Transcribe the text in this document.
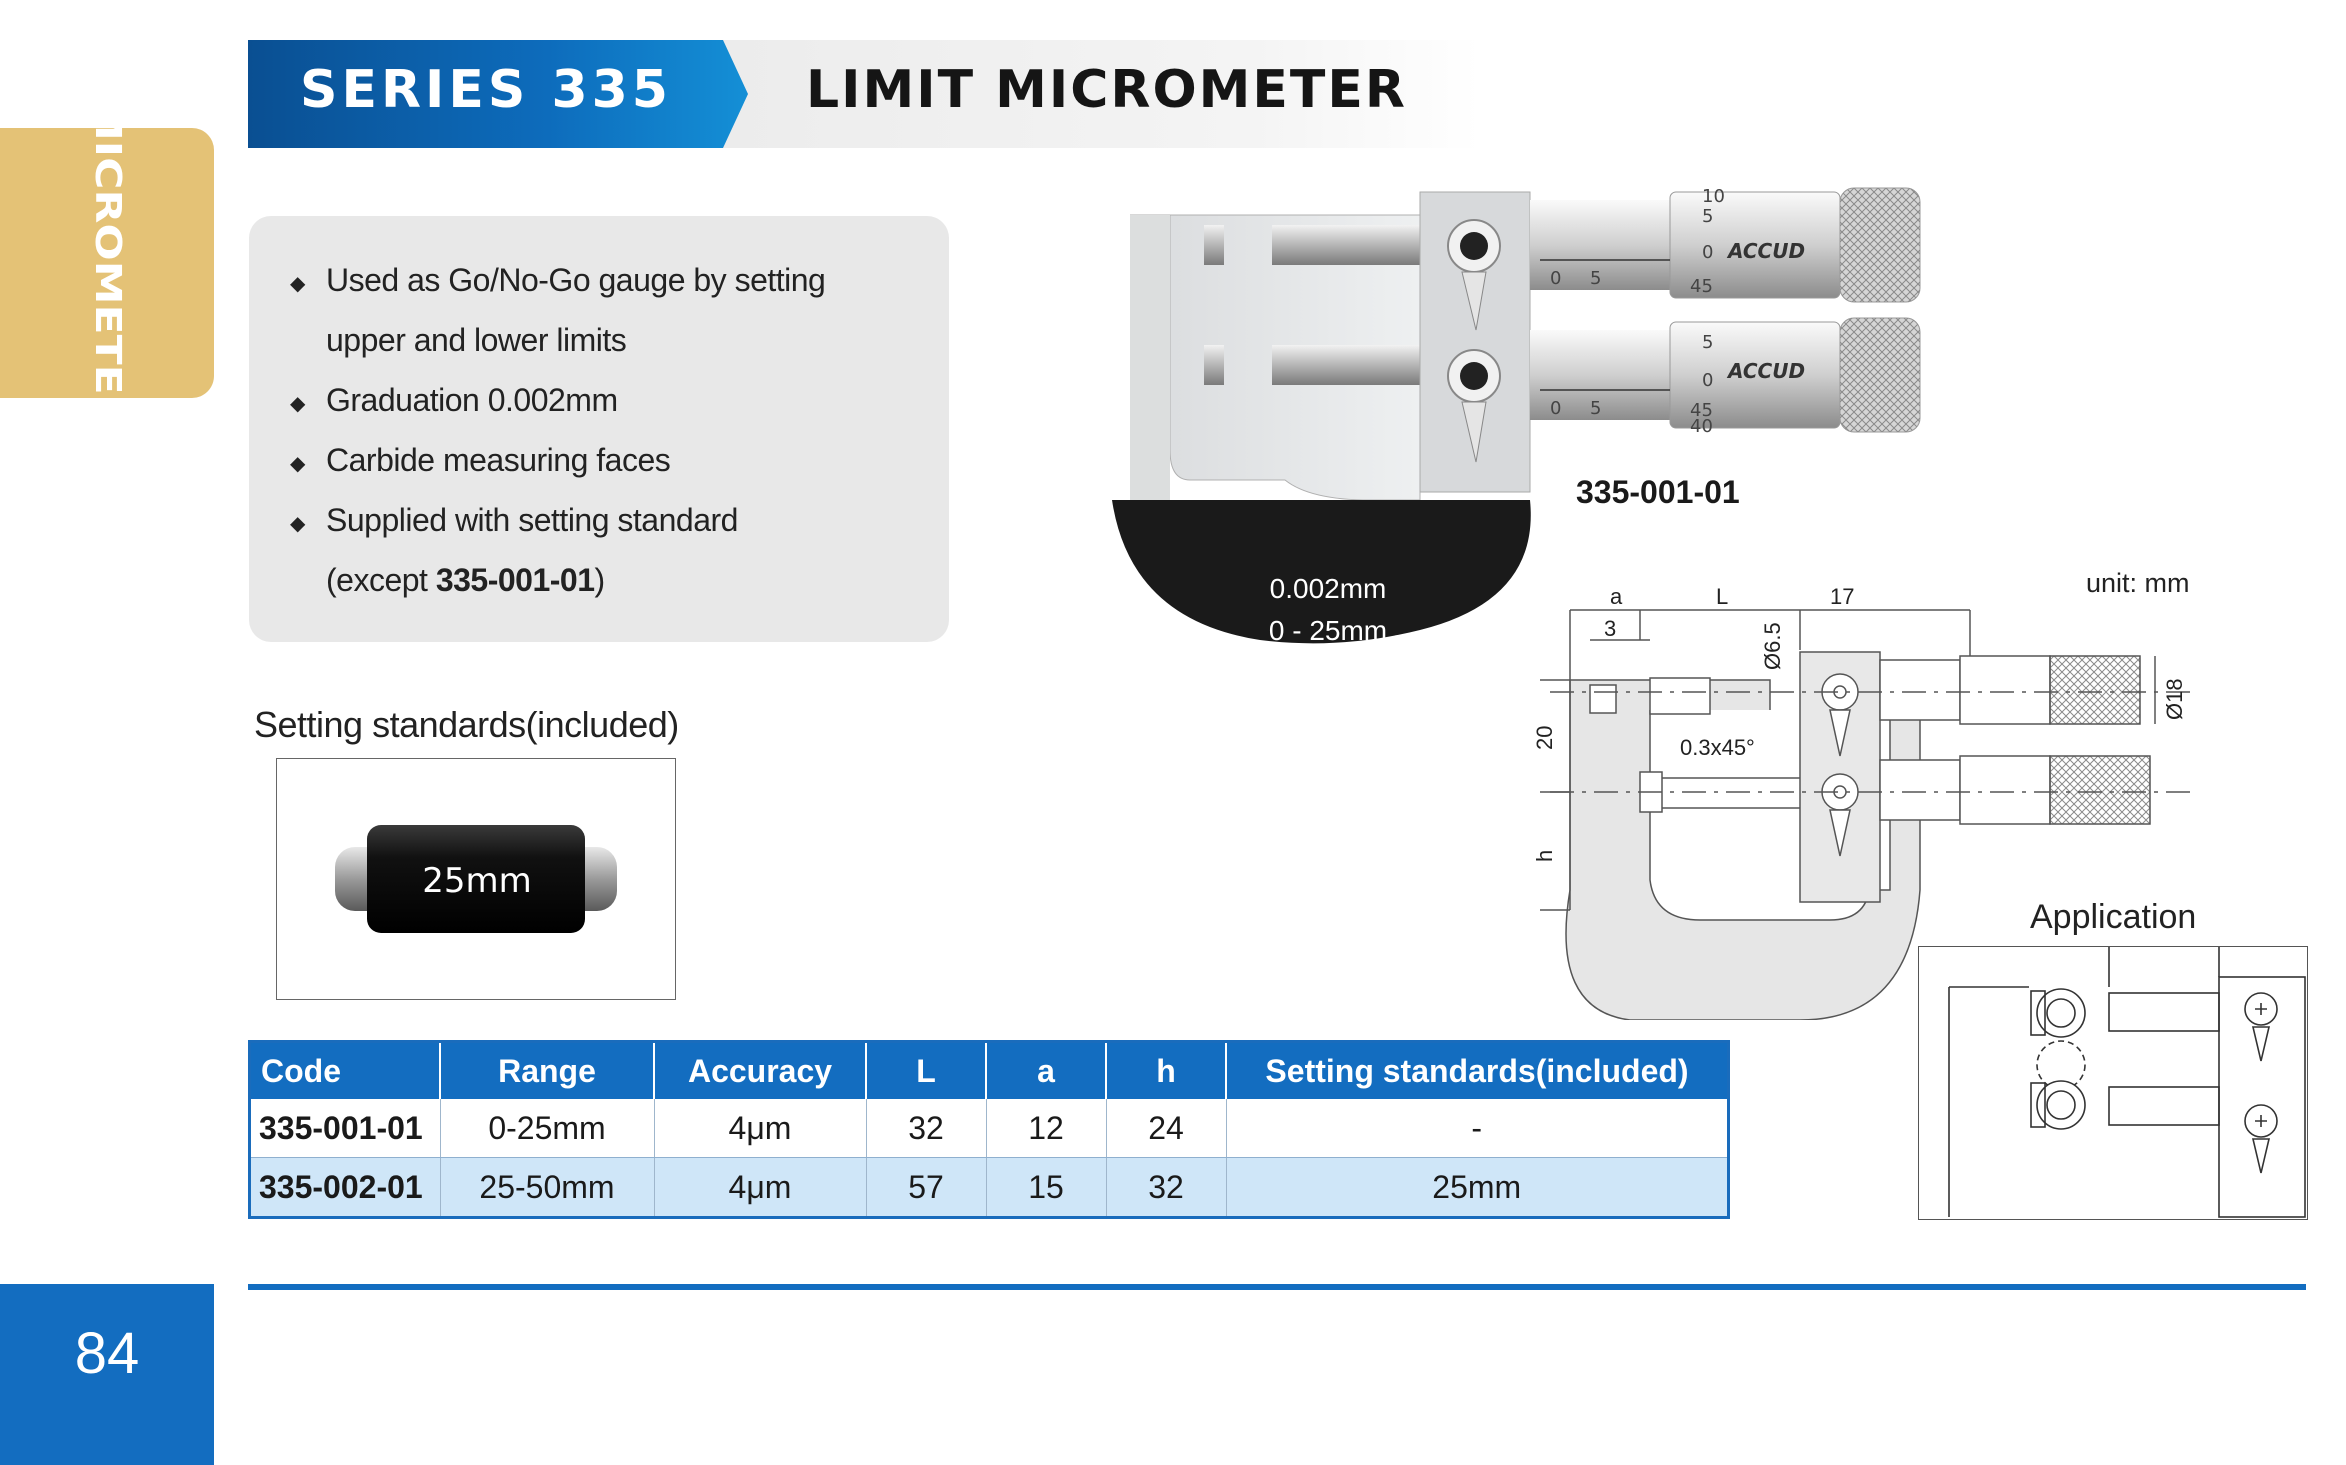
SERIES 335	LIMIT MICROMETER
MICROMETER	◆ Used as Go/No-Go gauge by setting
upper and lower limits
◆ Graduation 0.002mm
◆ Carbide measuring faces
◆ Supplied with setting standard
(except 335-001-01)
Setting standards(included)
25mm
0 5
0 5
10
5
0
45
5
0
45
40
ACCUD
ACCUD
0.002mm
0 - 25mm
335-001-01
unit: mm
a	L	17
3
0.3x45°
Ø6.5
Ø18
20
h
Application
Code	Range	Accuracy	L	a	h	Setting standards(included)
335-001-01	0-25mm	4μm	32	12	24	-
335-002-01	25-50mm	4μm	57	15	32	25mm
84
